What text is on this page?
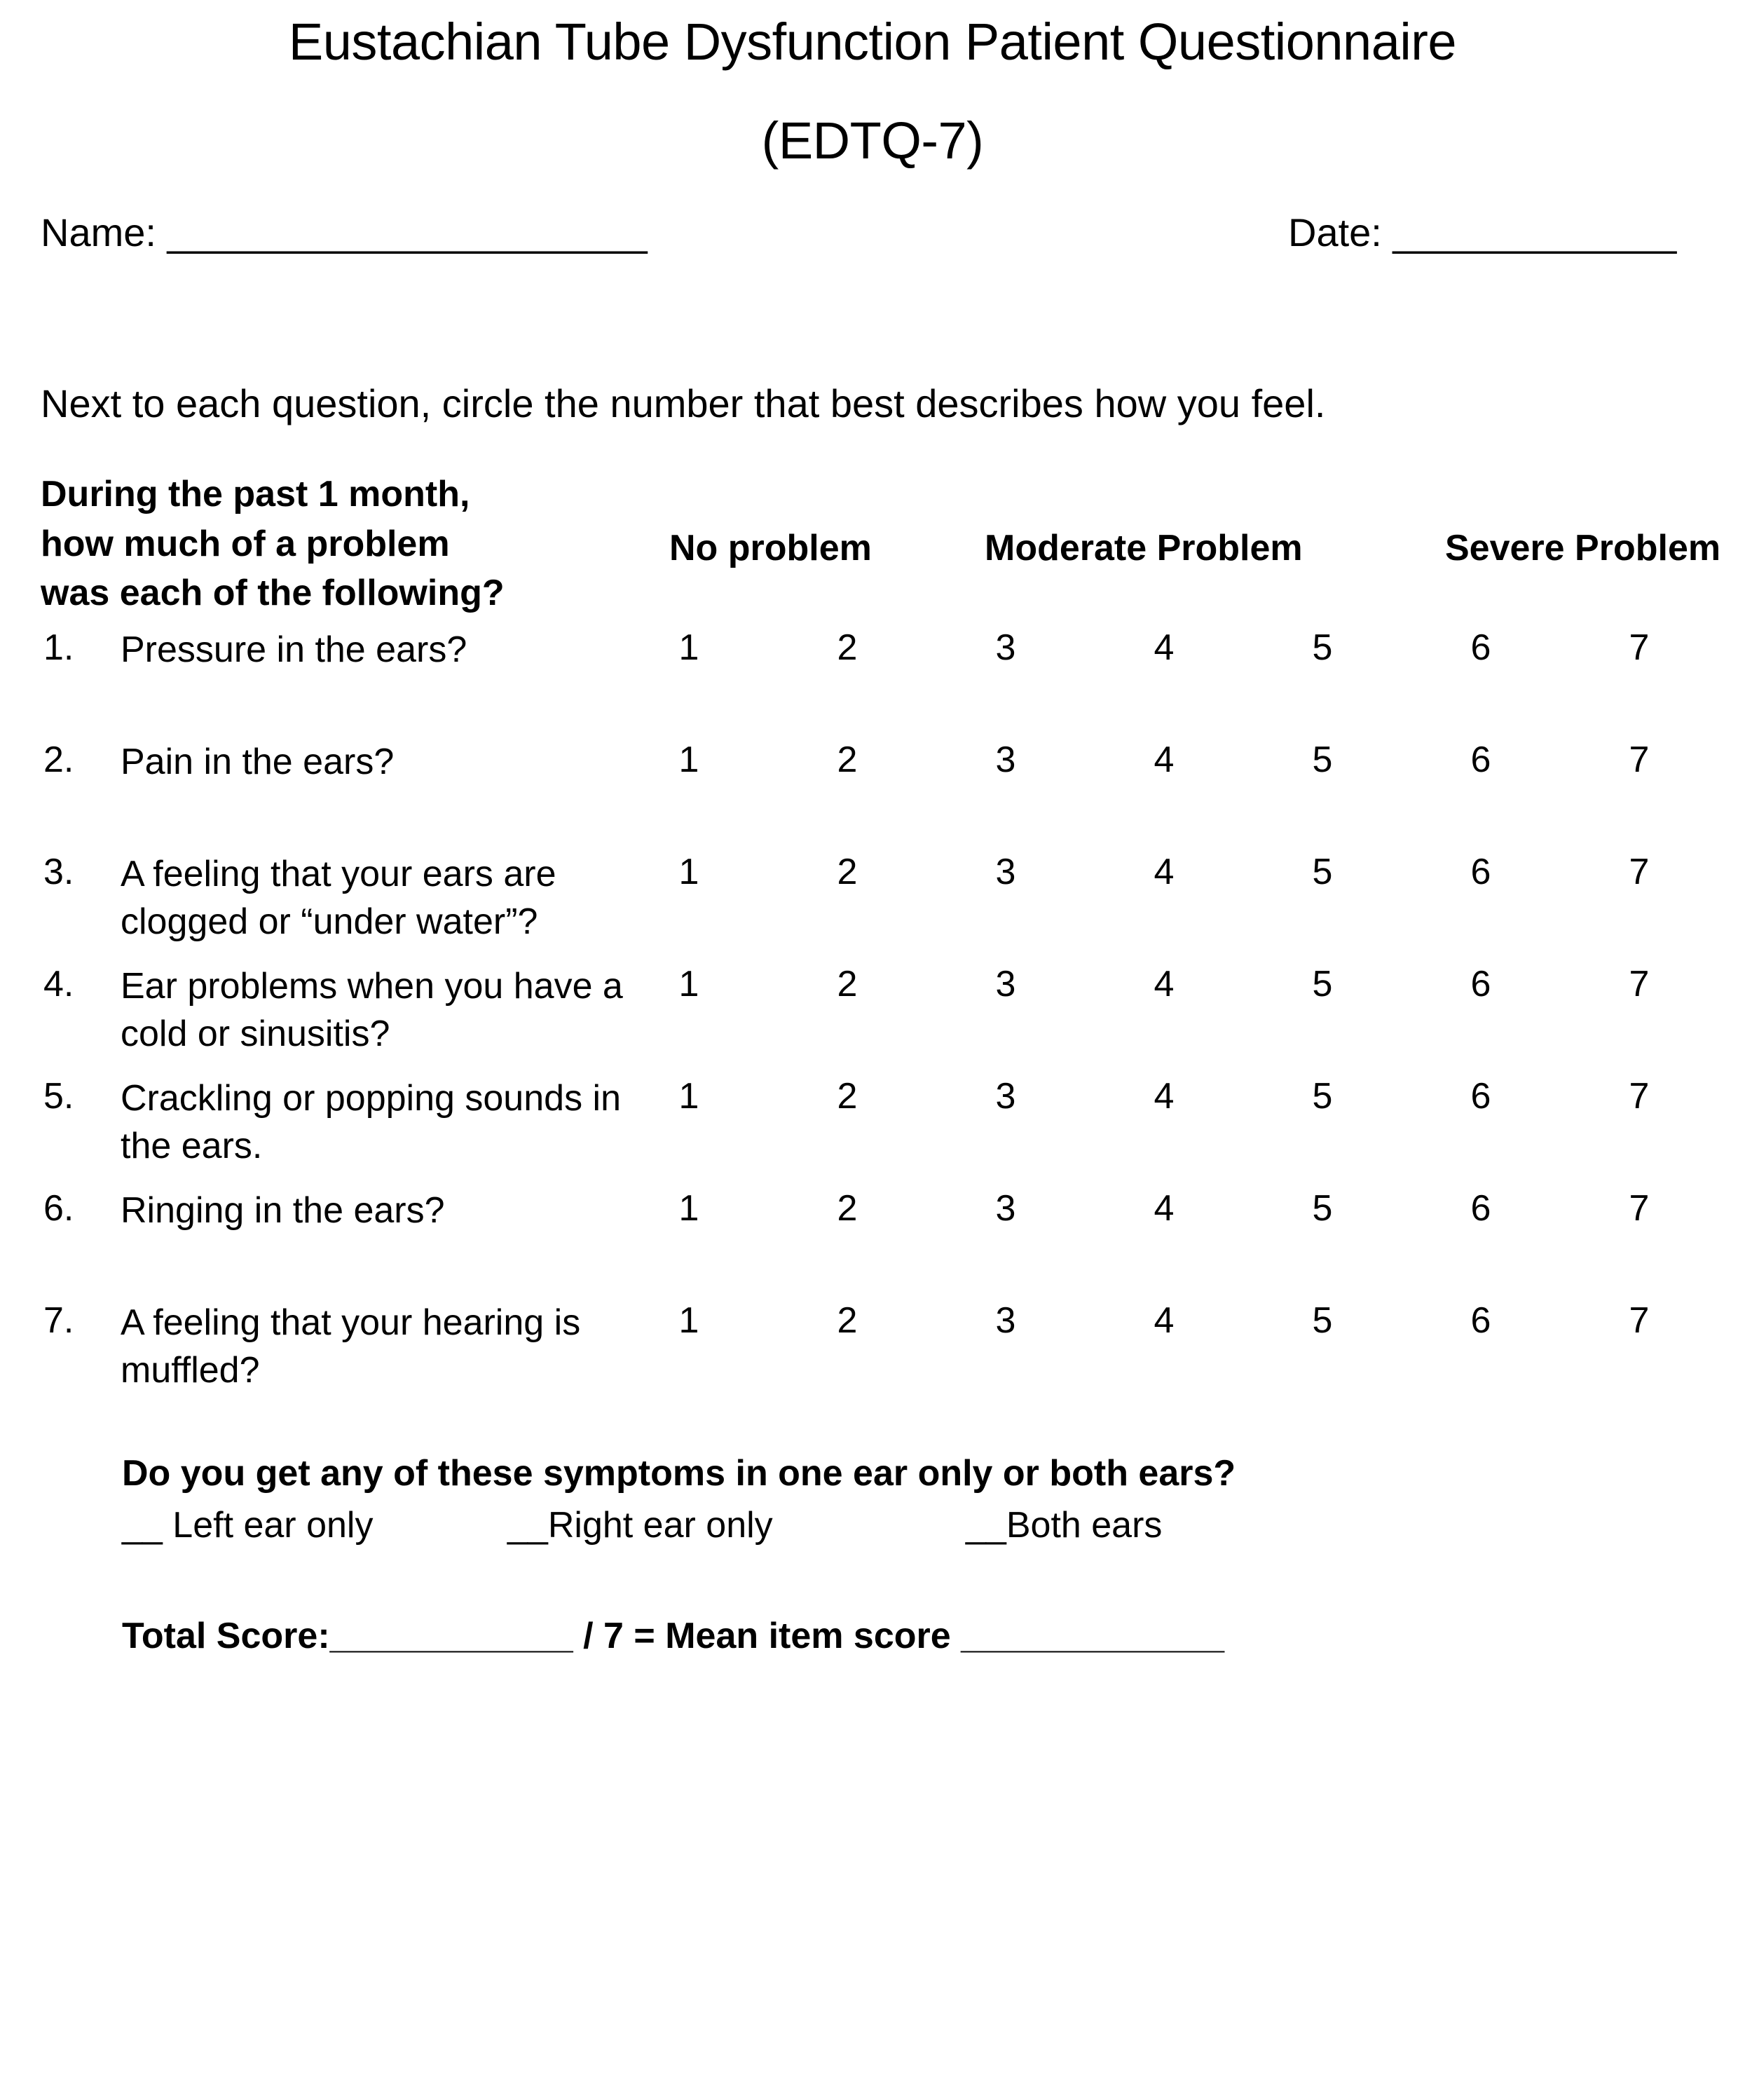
Eustachian Tube Dysfunction Patient Questionnaire
(EDTQ-7)
Name: ______________________	Date: _____________
Next to each question, circle the number that best describes how you feel.
During the past 1 month,
how much of a problem
was each of the following?
No problem	Moderate Problem	Severe Problem
1. Pressure in the ears?	1	2	3	4	5	6	7
2. Pain in the ears?	1	2	3	4	5	6	7
3. A feeling that your ears are clogged or “under water”?
1	2	3	4	5	6	7
4. Ear problems when you have a cold or sinusitis?
1	2	3	4	5	6	7
5. Crackling or popping sounds in the ears.
1	2	3	4	5	6	7
6. Ringing in the ears?	1	2	3	4	5	6	7
7. A feeling that your hearing is muffled?
1	2	3	4	5	6	7
Do you get any of these symptoms in one ear only or both ears?
__ Left ear only	__Right ear only	__Both ears
Total Score:____________ / 7 = Mean item score _____________
